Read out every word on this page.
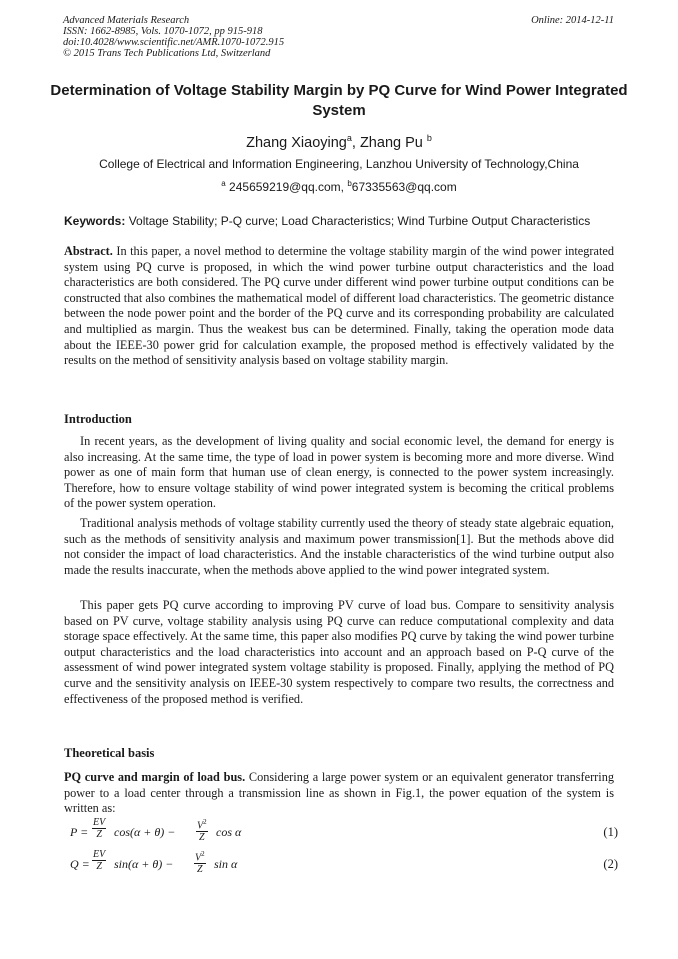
Advanced Materials Research
ISSN: 1662-8985, Vols. 1070-1072, pp 915-918
doi:10.4028/www.scientific.net/AMR.1070-1072.915
© 2015 Trans Tech Publications Ltd, Switzerland
Online: 2014-12-11
Determination of Voltage Stability Margin by PQ Curve for Wind Power Integrated System
Zhang Xiaoying$^a$, Zhang Pu $^b$
College of Electrical and Information Engineering, Lanzhou University of Technology,China
$^a$ 245659219@qq.com, $^b$67335563@qq.com
Keywords: Voltage Stability; P-Q curve; Load Characteristics; Wind Turbine Output Characteristics
Abstract. In this paper, a novel method to determine the voltage stability margin of the wind power integrated system using PQ curve is proposed, in which the wind power turbine output characteristics and the load characteristics are both considered. The PQ curve under different wind power turbine output conditions can be constructed that also combines the mathematical model of different load characteristics. The geometric distance between the node power point and the border of the PQ curve and its corresponding probability are calculated and multiplied as margin. Thus the weakest bus can be determined. Finally, taking the operation mode data about the IEEE-30 power grid for calculation example, the proposed method is effectively validated by the results on the method of sensitivity analysis based on voltage stability margin.
Introduction
In recent years, as the development of living quality and social economic level, the demand for energy is also increasing. At the same time, the type of load in power system is becoming more and more diverse. Wind power as one of main form that human use of clean energy, is connected to the power system increasingly. Therefore, how to ensure voltage stability of wind power integrated system is becoming the critical problems of the power system operation.
Traditional analysis methods of voltage stability currently used the theory of steady state algebraic equation, such as the methods of sensitivity analysis and maximum power transmission[1]. But the methods above did not consider the impact of load characteristics. And the instable characteristics of the wind turbine output also made the results inaccurate, when the methods above applied to the wind power integrated system.
This paper gets PQ curve according to improving PV curve of load bus. Compare to sensitivity analysis based on PV curve, voltage stability analysis using PQ curve can reduce computational complexity and data storage space effectively. At the same time, this paper also modifies PQ curve by taking the wind power turbine output characteristics and the load characteristics into account and an approach based on P-Q curve of the assessment of wind power integrated system voltage stability is proposed. Finally, applying the method of PQ curve and the sensitivity analysis on IEEE-30 system respectively to compare two results, the correctness and effectiveness of the proposed method is verified.
Theoretical basis
PQ curve and margin of load bus. Considering a large power system or an equivalent generator transferring power to a load center through a transmission line as shown in Fig.1, the power equation of the system is written as:
$P = \frac{EV}{Z} \cos(\alpha + \theta) - \frac{V^2}{Z}$ cos α	(1)
$Q = \frac{EV}{Z} \sin(\alpha + \theta) - \frac{V^2}{Z}$ sin α	(2)
